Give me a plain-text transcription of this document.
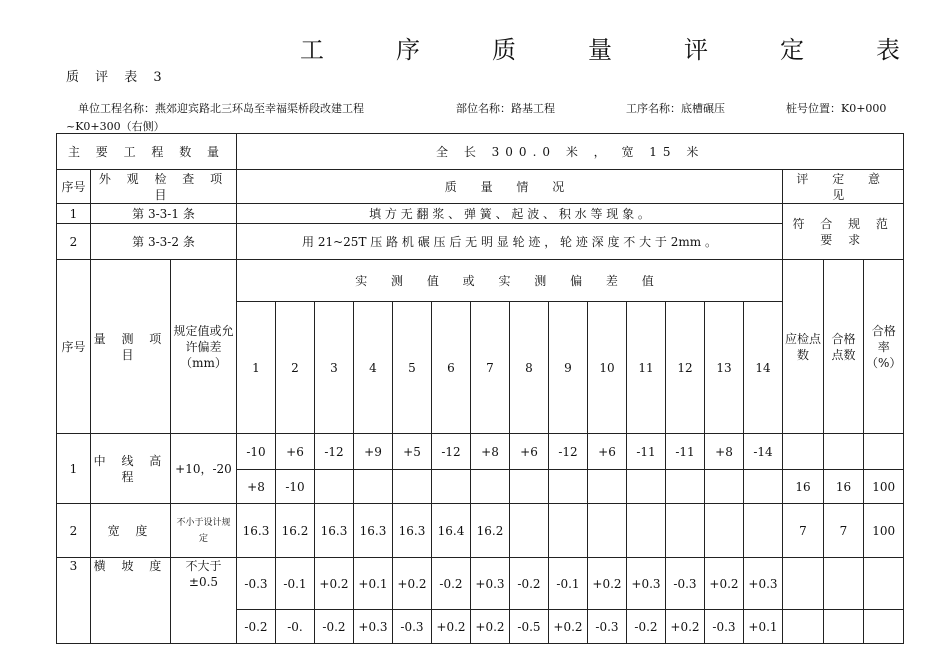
工	序	质	量	评	定	表
质 评 表 3
单位工程名称：燕郊迎宾路北三环岛至幸福渠桥段改建工程	部位名称：路基工程	工序名称：底槽碾压	桩号位置：K0+000
~K0+300（右侧）
主 要 工 程 数 量			全 长 300.0 米 ， 宽 15 米																
序号	外 观 检 查 项 目		质 量 情 况														评 定 意 见		
1	第 3-3-1 条		填 方 无 翻 浆 、 弹 簧 、 起 波 、 积 水 等 现 象 。														符 合 规 范 要 求		
2	第 3-3-2 条		用 21~25T 压 路 机 碾 压 后 无 明 显 轮 迹 ， 轮 迹 深 度 不 大 于 2mm 。																
序号	量 测 项 目	规定值或允许偏差（mm）	实 测 值 或 实 测 偏 差 值														应检点数	合格点数	合格率（%）
			1	2	3	4	5	6	7	8	9	10	11	12	13	14			
1	中 线 高 程	+10，-20	-10	+6	-12	+9	+5	-12	+8	+6	-12	+6	-11	-11	+8	-14			
			+8	-10													16	16	100
2	宽 度	不小于设计规定	16.3	16.2	16.3	16.3	16.3	16.4	16.2								7	7	100
3	横 坡 度	不大于±0.5	-0.3	-0.1	+0.2	+0.1	+0.2	-0.2	+0.3	-0.2	-0.1	+0.2	+0.3	-0.3	+0.2	+0.3			
			-0.2	-0.	-0.2	+0.3	-0.3	+0.2	+0.2	-0.5	+0.2	-0.3	-0.2	+0.2	-0.3	+0.1			
